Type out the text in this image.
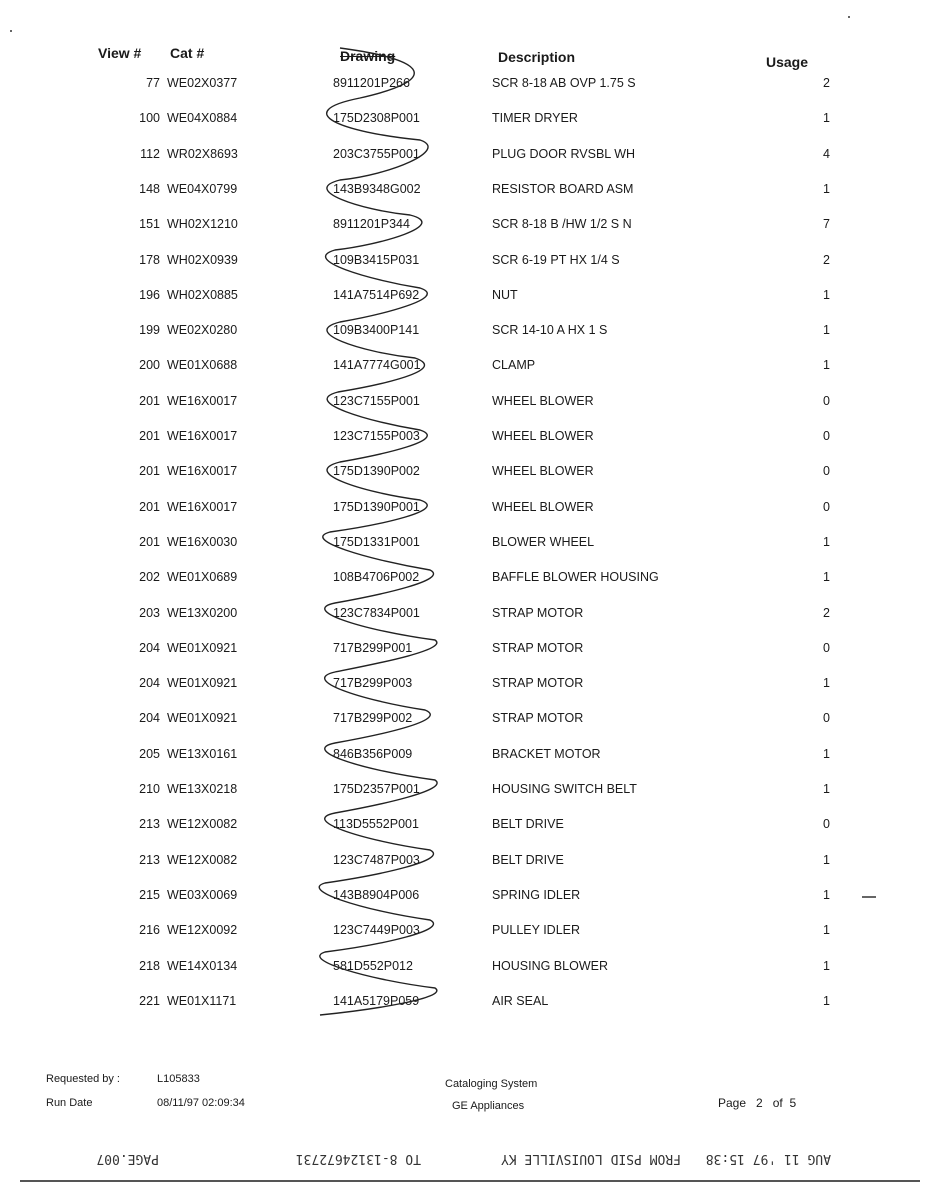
View # Cat #	Drawing	Description	Usage
77 WE02X0377	8911201P266	SCR 8-18 AB OVP 1.75 S	2
100 WE04X0884	175D2308P001	TIMER DRYER	1
112 WR02X8693	203C3755P001	PLUG DOOR RVSBL WH	4
148 WE04X0799	143B9348G002	RESISTOR BOARD ASM	1
151 WH02X1210	8911201P344	SCR 8-18 B /HW 1/2 S N	7
178 WH02X0939	109B3415P031	SCR 6-19 PT HX 1/4 S	2
196 WH02X0885	141A7514P692	NUT	1
199 WE02X0280	109B3400P141	SCR 14-10 A HX 1 S	1
200 WE01X0688	141A7774G001	CLAMP	1
201 WE16X0017	123C7155P001	WHEEL BLOWER	0
201 WE16X0017	123C7155P003	WHEEL BLOWER	0
201 WE16X0017	175D1390P002	WHEEL BLOWER	0
201 WE16X0017	175D1390P001	WHEEL BLOWER	0
201 WE16X0030	175D1331P001	BLOWER WHEEL	1
202 WE01X0689	108B4706P002	BAFFLE BLOWER HOUSING	1
203 WE13X0200	123C7834P001	STRAP MOTOR	2
204 WE01X0921	717B299P001	STRAP MOTOR	0
204 WE01X0921	717B299P003	STRAP MOTOR	1
204 WE01X0921	717B299P002	STRAP MOTOR	0
205 WE13X0161	846B356P009	BRACKET MOTOR	1
210 WE13X0218	175D2357P001	HOUSING SWITCH BELT	1
213 WE12X0082	113D5552P001	BELT DRIVE	0
213 WE12X0082	123C7487P003	BELT DRIVE	1
215 WE03X0069	143B8904P006	SPRING IDLER	1
216 WE12X0092	123C7449P003	PULLEY IDLER	1
218 WE14X0134	581D552P012	HOUSING BLOWER	1
221 WE01X1171	141A5179P059	AIR SEAL	1
Requested by :	L105833
Run Date	08/11/97 02:09:34
Cataloging System
GE Appliances	Page 2 of 5
AUG 11 '97 15:38
FROM PSID LOUISVILLE KY
TO 8-13124672731
PAGE.007
